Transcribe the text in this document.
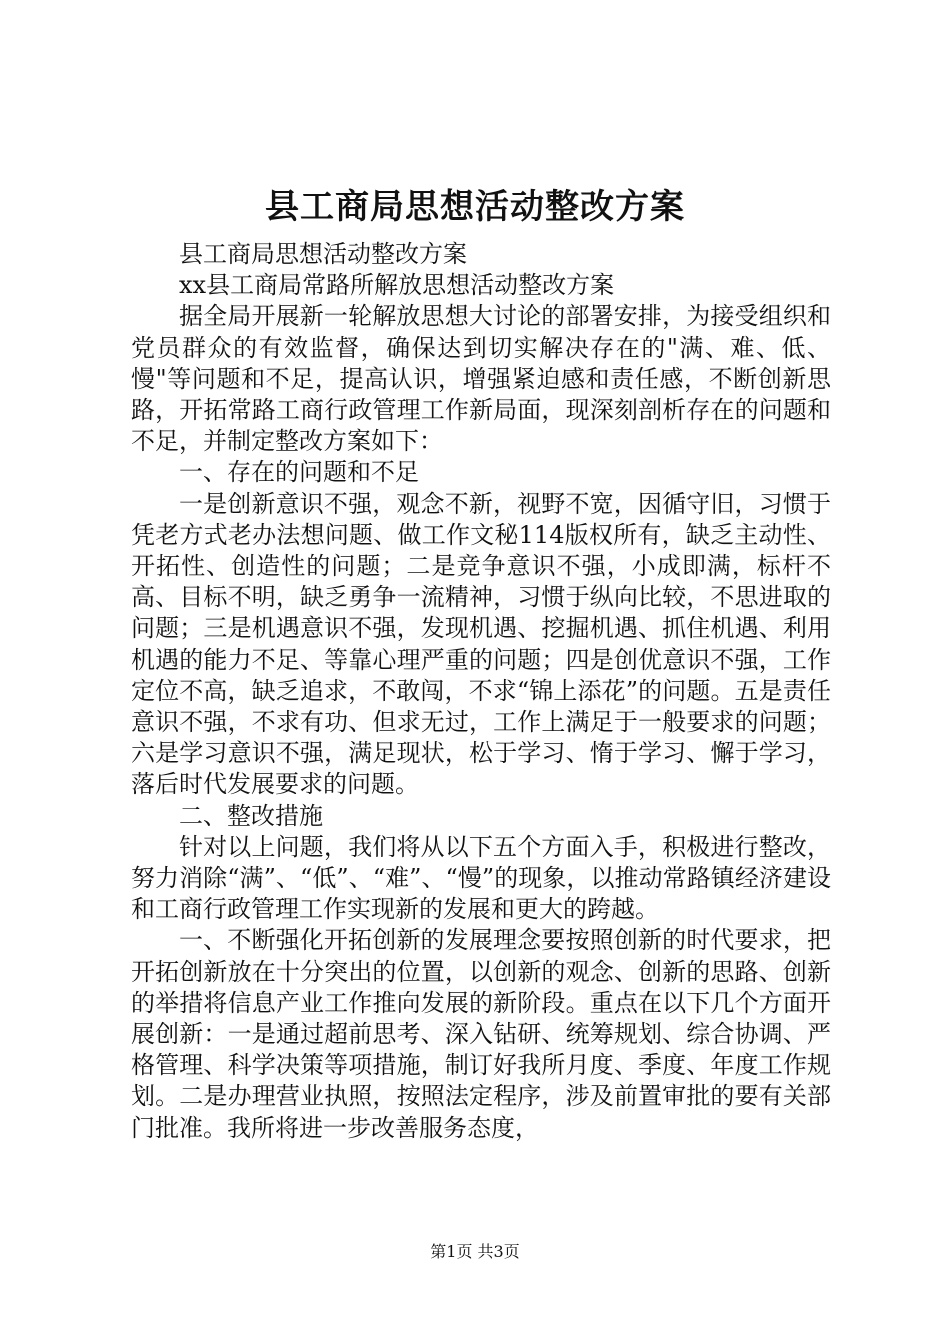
县工商局思想活动整改方案

县工商局思想活动整改方案

xx县工商局常路所解放思想活动整改方案

据全局开展新一轮解放思想大讨论的部署安排，为接受组织和党员群众的有效监督，确保达到切实解决存在的"满、难、低、慢"等问题和不足，提高认识，增强紧迫感和责任感，不断创新思路，开拓常路工商行政管理工作新局面，现深刻剖析存在的问题和不足，并制定整改方案如下：

一、存在的问题和不足

一是创新意识不强，观念不新，视野不宽，因循守旧，习惯于凭老方式老办法想问题、做工作文秘114版权所有，缺乏主动性、开拓性、创造性的问题；二是竞争意识不强，小成即满，标杆不高、目标不明，缺乏勇争一流精神，习惯于纵向比较，不思进取的问题；三是机遇意识不强，发现机遇、挖掘机遇、抓住机遇、利用机遇的能力不足、等靠心理严重的问题；四是创优意识不强，工作定位不高，缺乏追求，不敢闯，不求“锦上添花”的问题。五是责任意识不强，不求有功、但求无过，工作上满足于一般要求的问题；六是学习意识不强，满足现状，松于学习、惰于学习、懈于学习，落后时代发展要求的问题。

二、整改措施

针对以上问题，我们将从以下五个方面入手，积极进行整改，努力消除“满”、“低”、“难”、“慢”的现象，以推动常路镇经济建设和工商行政管理工作实现新的发展和更大的跨越。

一、不断强化开拓创新的发展理念要按照创新的时代要求，把开拓创新放在十分突出的位置，以创新的观念、创新的思路、创新的举措将信息产业工作推向发展的新阶段。重点在以下几个方面开展创新：一是通过超前思考、深入钻研、统筹规划、综合协调、严格管理、科学决策等项措施，制订好我所月度、季度、年度工作规划。二是办理营业执照，按照法定程序，涉及前置审批的要有关部门批准。我所将进一步改善服务态度，

第1页 共3页
